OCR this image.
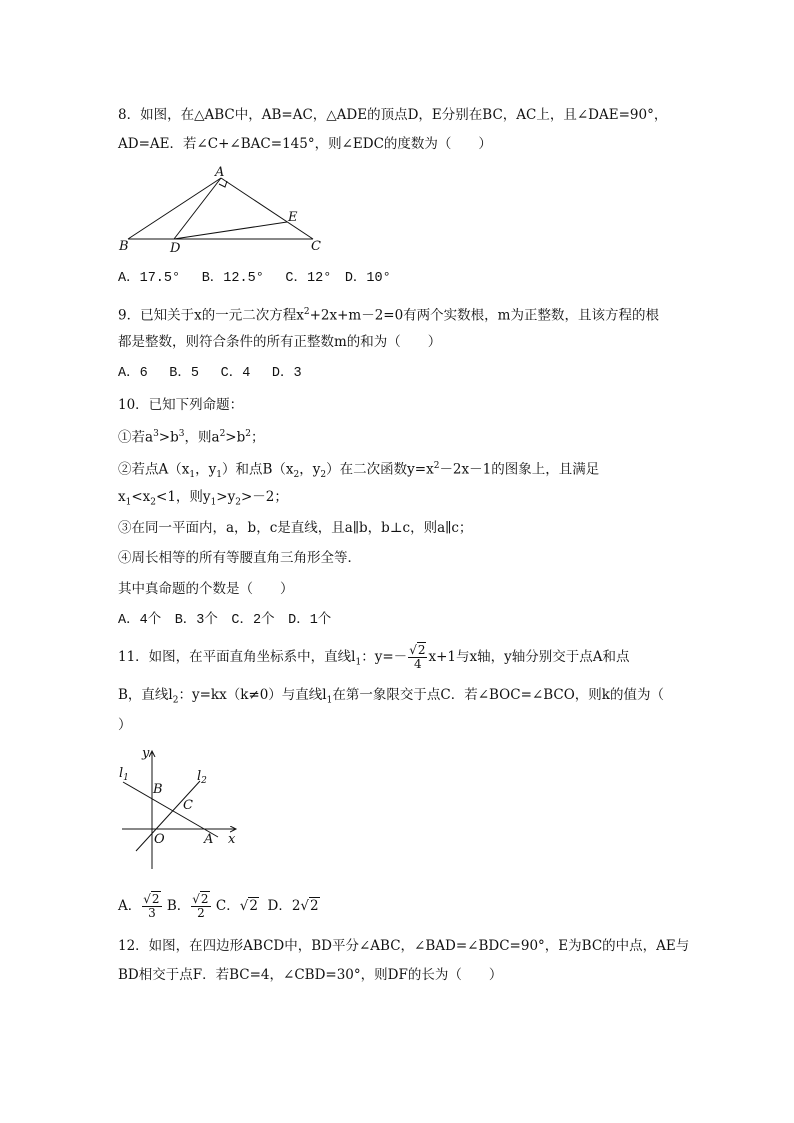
8．如图，在△ABC中，AB=AC，△ADE的顶点D，E分别在BC，AC上，且∠DAE=90°，
AD=AE．若∠C+∠BAC=145°，则∠EDC的度数为（　　）
A
B	C
D
E
A．17.5°　 B．12.5°　 C．12°　D．10°
9．已知关于x的一元二次方程$x^2+2x+m-2=0$有两个实数根，m为正整数，且该方程的根
都是整数，则符合条件的所有正整数m的和为（　　）
A．6　 B．5　 C．4　 D．3
10．已知下列命题：
①若$a^3>b^3$，则$a^2>b^2$；
②若点$A(x_1$，$y_1$）和点$B(x_2$，$y_2$）在二次函数$y=x^2-2x-1$的图象上，且满足
$x_1<x_2<1$，则$y_1>y_2>-2$；
③在同一平面内，a，b，c是直线，且a∥b，b⊥c，则a∥c；
④周长相等的所有等腰直角三角形全等．
其中真命题的个数是（　　）
A．4个　B．3个　C．2个　D．1个
11．如图，在平面直角坐标系中，直线$l_1$：$y=- \frac{√2}{4} x+1$与x轴，y轴分别交于点A和点
B，直线$l_2$：y=kx（k≠0）与直线$l_1$在第一象限交于点C．若∠BOC=∠BCO，则k的值为（
）
y
x
O	A
B
C
$l_1$	$l_2$
A． $\frac{√2}{3}$ B． $\frac{√2}{2}$ C．√2 D．2√2
12．如图，在四边形ABCD中，BD平分∠ABC，∠BAD=∠BDC=90°，E为BC的中点，AE与
BD相交于点F．若BC=4，∠CBD=30°，则DF的长为（　　）
